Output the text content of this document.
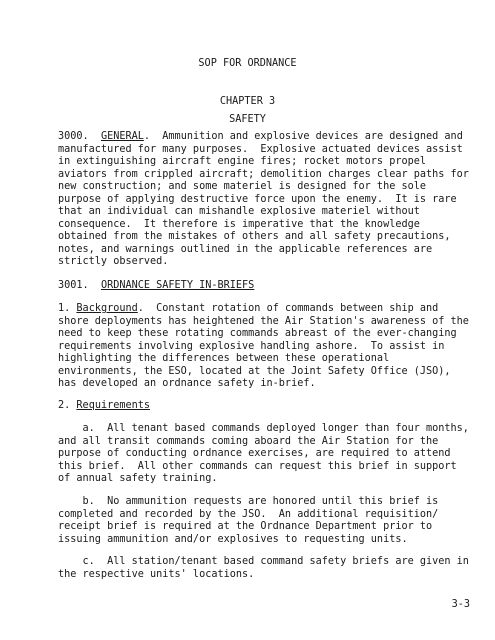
SOP FOR ORDNANCE
CHAPTER 3
SAFETY
3000. GENERAL.  Ammunition and explosive devices are designed and
manufactured for many purposes.  Explosive actuated devices assist
in extinguishing aircraft engine fires; rocket motors propel
aviators from crippled aircraft; demolition charges clear paths for
new construction; and some materiel is designed for the sole
purpose of applying destructive force upon the enemy.  It is rare
that an individual can mishandle explosive materiel without
consequence.  It therefore is imperative that the knowledge
obtained from the mistakes of others and all safety precautions,
notes, and warnings outlined in the applicable references are
strictly observed.
3001. ORDNANCE SAFETY IN-BRIEFS
1. Background.  Constant rotation of commands between ship and
shore deployments has heightened the Air Station's awareness of the
need to keep these rotating commands abreast of the ever-changing
requirements involving explosive handling ashore.  To assist in
highlighting the differences between these operational
environments, the ESO, located at the Joint Safety Office (JSO),
has developed an ordnance safety in-brief.
2. Requirements
a.  All tenant based commands deployed longer than four months,
and all transit commands coming aboard the Air Station for the
purpose of conducting ordnance exercises, are required to attend
this brief.  All other commands can request this brief in support
of annual safety training.
b.  No ammunition requests are honored until this brief is
completed and recorded by the JSO.  An additional requisition/
receipt brief is required at the Ordnance Department prior to
issuing ammunition and/or explosives to requesting units.
c.  All station/tenant based command safety briefs are given in
the respective units' locations.
3-3
